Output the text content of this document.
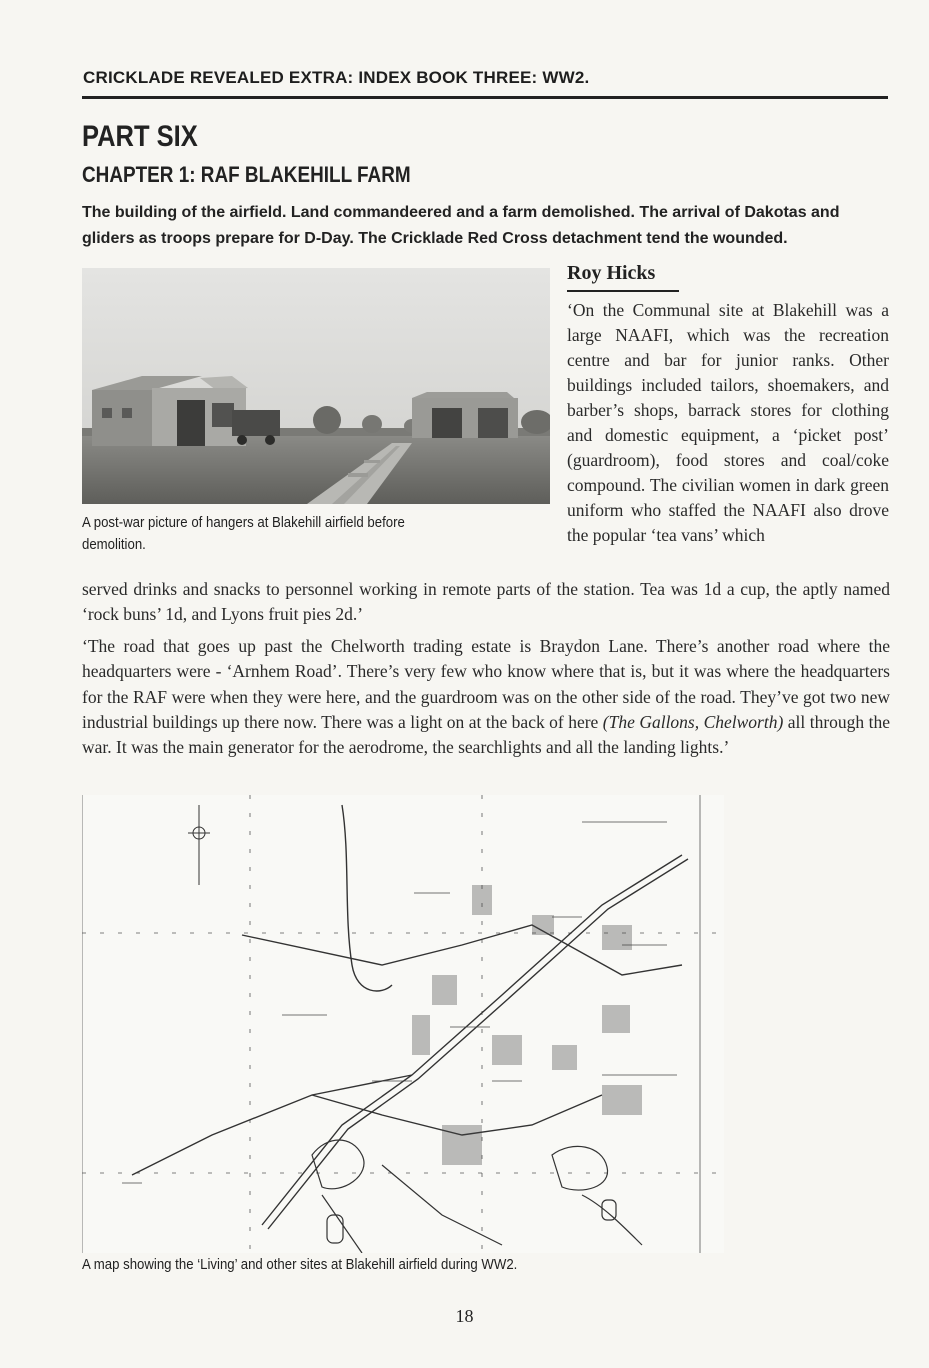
CRICKLADE REVEALED EXTRA: INDEX BOOK THREE: WW2.
PART SIX
CHAPTER 1: RAF BLAKEHILL FARM
The building of the airfield. Land commandeered and a farm demolished. The arrival of Dakotas and gliders as troops prepare for D-Day. The Cricklade Red Cross detachment tend the wounded.
A post-war picture of hangers at Blakehill airfield before demolition.
Roy Hicks

‘On the Communal site at Blakehill was a large NAAFI, which was the recreation centre and bar for junior ranks. Other buildings included tailors, shoemakers, and barber’s shops, barrack stores for clothing and domestic equipment, a ‘picket post’ (guardroom), food stores and coal/coke compound. The civilian women in dark green uniform who staffed the NAAFI also drove the popular ‘tea vans’ which

served drinks and snacks to personnel working in remote parts of the station. Tea was 1d a cup, the aptly named ‘rock buns’ 1d, and Lyons fruit pies 2d.’

‘The road that goes up past the Chelworth trading estate is Braydon Lane. There’s another road where the headquarters were - ‘Arnhem Road’. There’s very few who know where that is, but it was where the headquarters for the RAF were when they were here, and the guardroom was on the other side of the road. They’ve got two new industrial buildings up there now. There was a light on at the back of here (The Gallons, Chelworth) all through the war. It was the main generator for the aerodrome, the searchlights and all the landing lights.’

A map showing the ‘Living’ and other sites at Blakehill airfield during WW2.
18
